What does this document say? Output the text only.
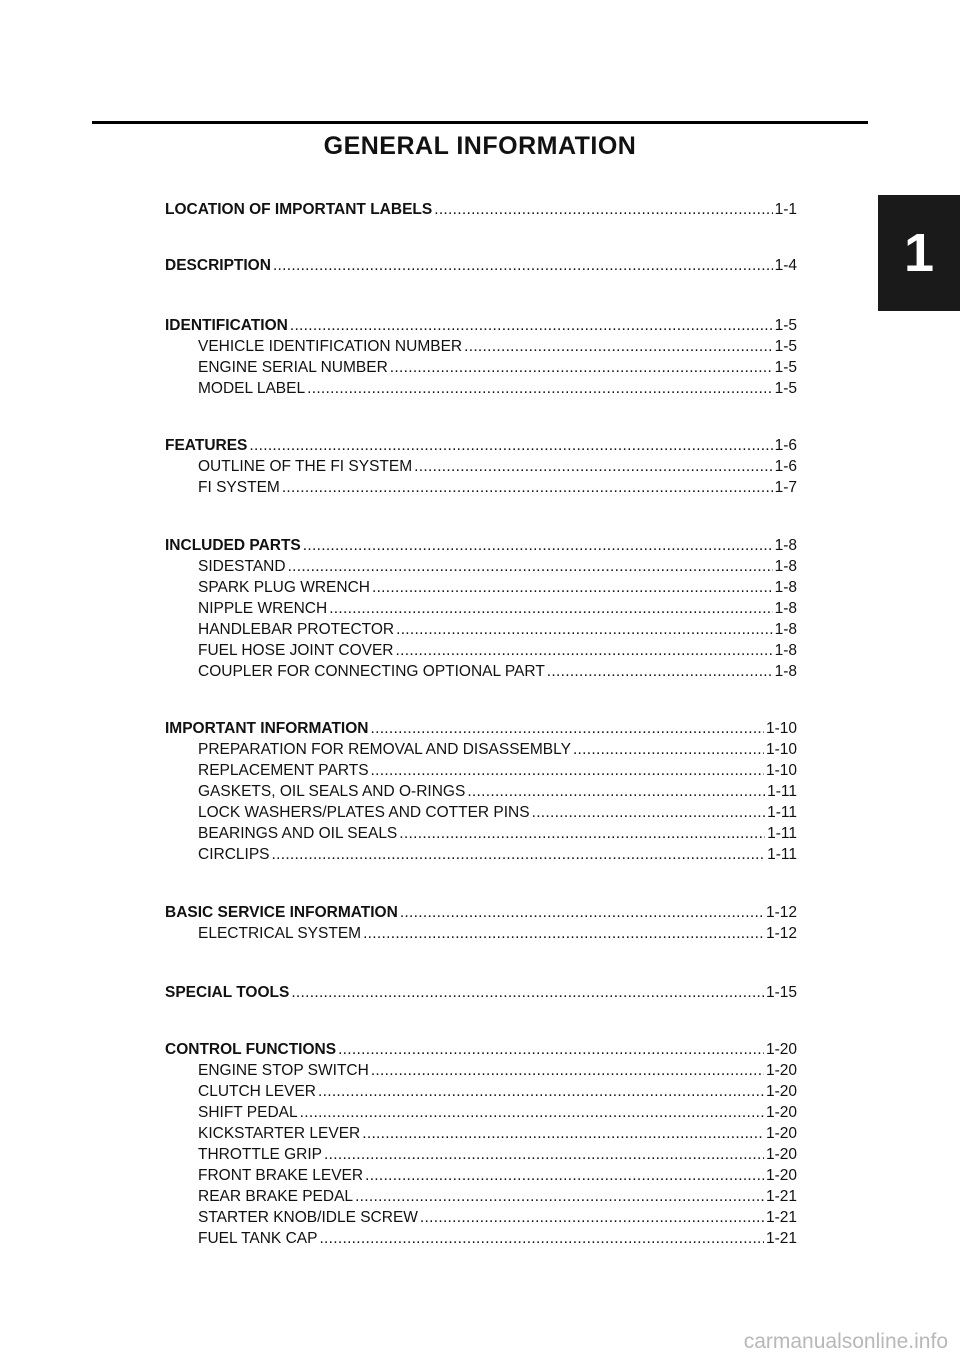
GENERAL INFORMATION
1
LOCATION OF IMPORTANT LABELS .....	1-1
DESCRIPTION .....	1-4
IDENTIFICATION .....	1-5
VEHICLE IDENTIFICATION NUMBER .....	1-5
ENGINE SERIAL NUMBER .....	1-5
MODEL LABEL .....	1-5
FEATURES .....	1-6
OUTLINE OF THE FI SYSTEM .....	1-6
FI SYSTEM .....	1-7
INCLUDED PARTS .....	1-8
SIDESTAND .....	1-8
SPARK PLUG WRENCH .....	1-8
NIPPLE WRENCH .....	1-8
HANDLEBAR PROTECTOR .....	1-8
FUEL HOSE JOINT COVER .....	1-8
COUPLER FOR CONNECTING OPTIONAL PART .....	1-8
IMPORTANT INFORMATION .....	1-10
PREPARATION FOR REMOVAL AND DISASSEMBLY .....	1-10
REPLACEMENT PARTS .....	1-10
GASKETS, OIL SEALS AND O-RINGS .....	1-11
LOCK WASHERS/PLATES AND COTTER PINS .....	1-11
BEARINGS AND OIL SEALS .....	1-11
CIRCLIPS .....	1-11
BASIC SERVICE INFORMATION .....	1-12
ELECTRICAL SYSTEM .....	1-12
SPECIAL TOOLS .....	1-15
CONTROL FUNCTIONS .....	1-20
ENGINE STOP SWITCH .....	1-20
CLUTCH LEVER .....	1-20
SHIFT PEDAL .....	1-20
KICKSTARTER LEVER .....	1-20
THROTTLE GRIP .....	1-20
FRONT BRAKE LEVER .....	1-20
REAR BRAKE PEDAL .....	1-21
STARTER KNOB/IDLE SCREW .....	1-21
FUEL TANK CAP .....	1-21
carmanualsonline.info
